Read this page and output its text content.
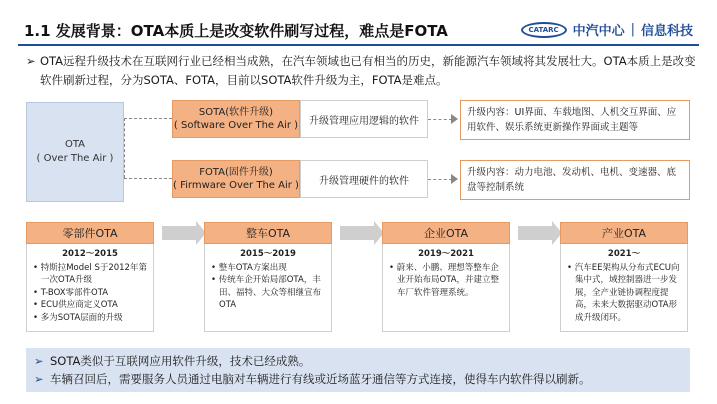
1.1 发展背景：OTA本质上是改变软件刷写过程，难点是FOTA	CATARC	中汽中心 | 信息科技
➢ OTA远程升级技术在互联网行业已经相当成熟，在汽车领域也已有相当的历史，新能源汽车领域将其发展壮大。OTA本质上是改变软件刷新过程，分为SOTA、FOTA，目前以SOTA软件升级为主，FOTA是难点。
OTA
( Over The Air )
SOTA(软件升级)
( Software Over The Air ) 升级管理应用逻辑的软件
升级内容：UI界面、车载地图、人机交互界面、应用软件、娱乐系统更新操作界面或主题等
FOTA(固件升级)
( Firmware Over The Air ) 升级管理硬件的软件
升级内容：动力电池、发动机、电机、变速器、底盘等控制系统
零部件OTA
2012～2015
• 特斯拉Model S于2012年第一次OTA升级
• T-BOX零部件OTA
• ECU供应商定义OTA
• 多为SOTA层面的升级
整车OTA
2015～2019
• 整车OTA方案出现
• 传统车企开始局部OTA，丰田、福特、大众等相继宣布OTA
企业OTA
2019～2021
• 蔚来、小鹏、理想等整车企业开始布局OTA，并建立整车厂软件管理系统。
产业OTA
2021～
• 汽车EE架构从分布式ECU向集中式，域控制器进一步发展，全产业链协调程度提高，未来大数据驱动OTA形成升级闭环。
➢ SOTA类似于互联网应用软件升级，技术已经成熟。
➢ 车辆召回后，需要服务人员通过电脑对车辆进行有线或近场蓝牙通信等方式连接，使得车内软件得以刷新。
